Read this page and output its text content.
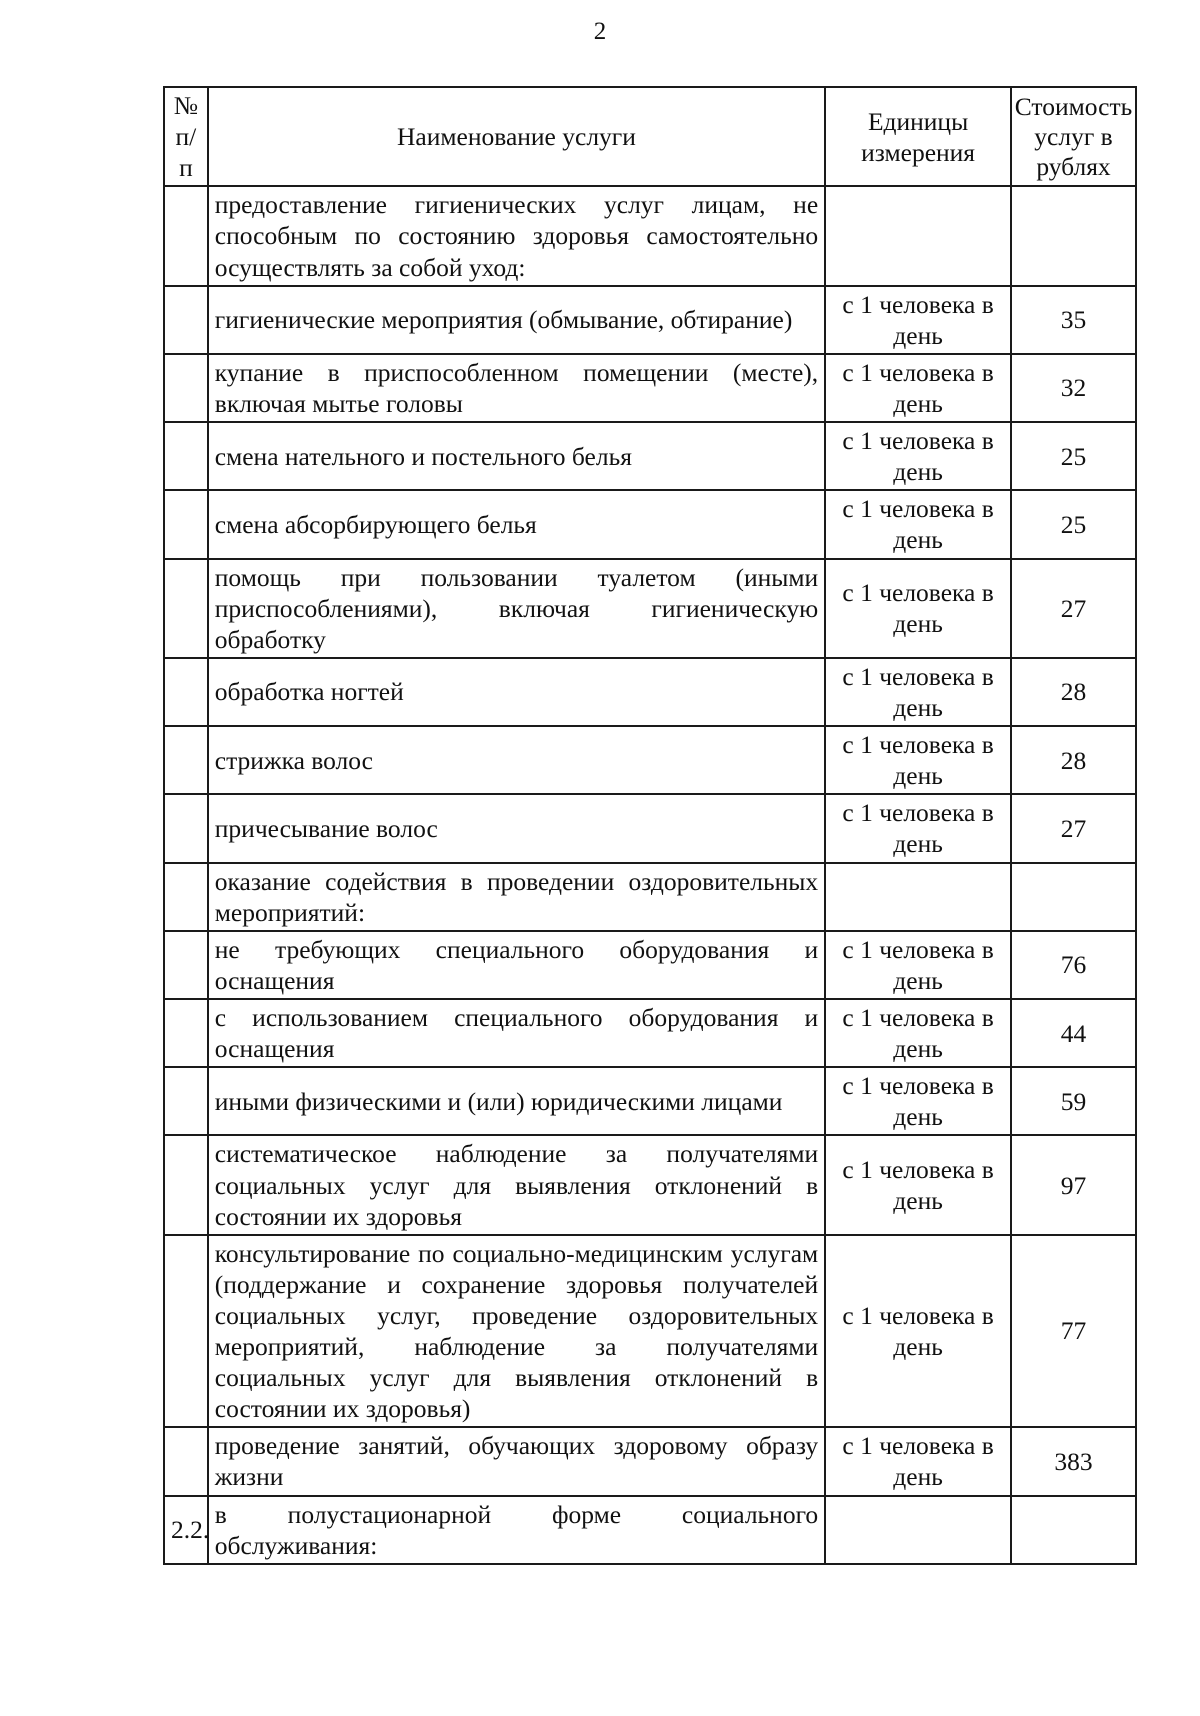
2
№ п/п	Наименование услуги	Единицы измерения	Стоимость услуг в рублях
	предоставление гигиенических услуг лицам, не способным по состоянию здоровья самостоятельно осуществлять за собой уход:		
	гигиенические мероприятия (обмывание, обтирание)	с 1 человека в день	35
	купание в приспособленном помещении (месте), включая мытье головы	с 1 человека в день	32
	смена нательного и постельного белья	с 1 человека в день	25
	смена абсорбирующего белья	с 1 человека в день	25
	помощь при пользовании туалетом (иными приспособлениями), включая гигиеническую обработку	с 1 человека в день	27
	обработка ногтей	с 1 человека в день	28
	стрижка волос	с 1 человека в день	28
	причесывание волос	с 1 человека в день	27
	оказание содействия в проведении оздоровительных мероприятий:		
	не требующих специального оборудования и оснащения	с 1 человека в день	76
	с использованием специального оборудования и оснащения	с 1 человека в день	44
	иными физическими и (или) юридическими лицами	с 1 человека в день	59
	систематическое наблюдение за получателями социальных услуг для выявления отклонений в состоянии их здоровья	с 1 человека в день	97
	консультирование по социально-медицинским услугам (поддержание и сохранение здоровья получателей социальных услуг, проведение оздоровительных мероприятий, наблюдение за получателями социальных услуг для выявления отклонений в состоянии их здоровья)	с 1 человека в день	77
	проведение занятий, обучающих здоровому образу жизни	с 1 человека в день	383
2.2.	в полустационарной форме социального обслуживания:		
